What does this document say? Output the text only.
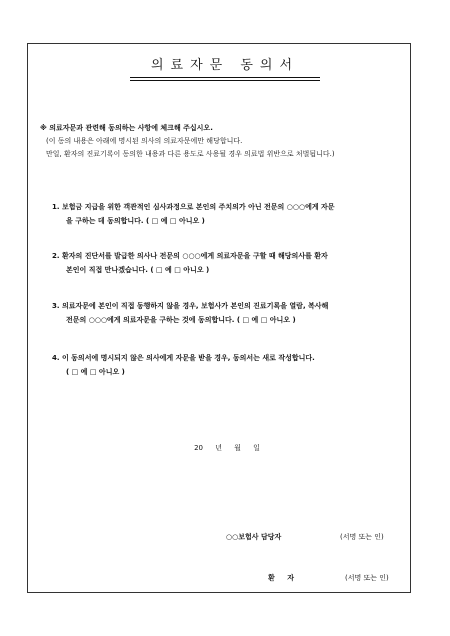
의료자문 동의서
※ 의료자문과 관련해 동의하는 사항에 체크해 주십시오.
(이 동의 내용은 아래에 명시된 의사의 의료자문에만 해당합니다.
만일, 환자의 진료기록이 동의한 내용과 다른 용도로 사용될 경우 의료법 위반으로 처벌됩니다.)
1. 보험금 지급을 위한 객관적인 심사과정으로 본인의 주치의가 아닌 전문의 ○○○에게 자문
을 구하는 데 동의합니다. ( □ 예 □ 아니오 )
2. 환자의 진단서를 발급한 의사나 전문의 ○○○에게 의료자문을 구할 때 해당의사를 환자
본인이 직접 만나겠습니다. ( □ 예 □ 아니오 )
3. 의료자문에 본인이 직접 동행하지 않을 경우, 보험사가 본인의 진료기록을 열람, 복사해
전문의 ○○○에게 의료자문을 구하는 것에 동의합니다. ( □ 예 □ 아니오 )
4. 이 동의서에 명시되지 않은 의사에게 자문을 받을 경우, 동의서는 새로 작성합니다.
( □ 예 □ 아니오 )
20 년 월 일
○○보험사 담당자	(서명 또는 인)
환 자	(서명 또는 인)
